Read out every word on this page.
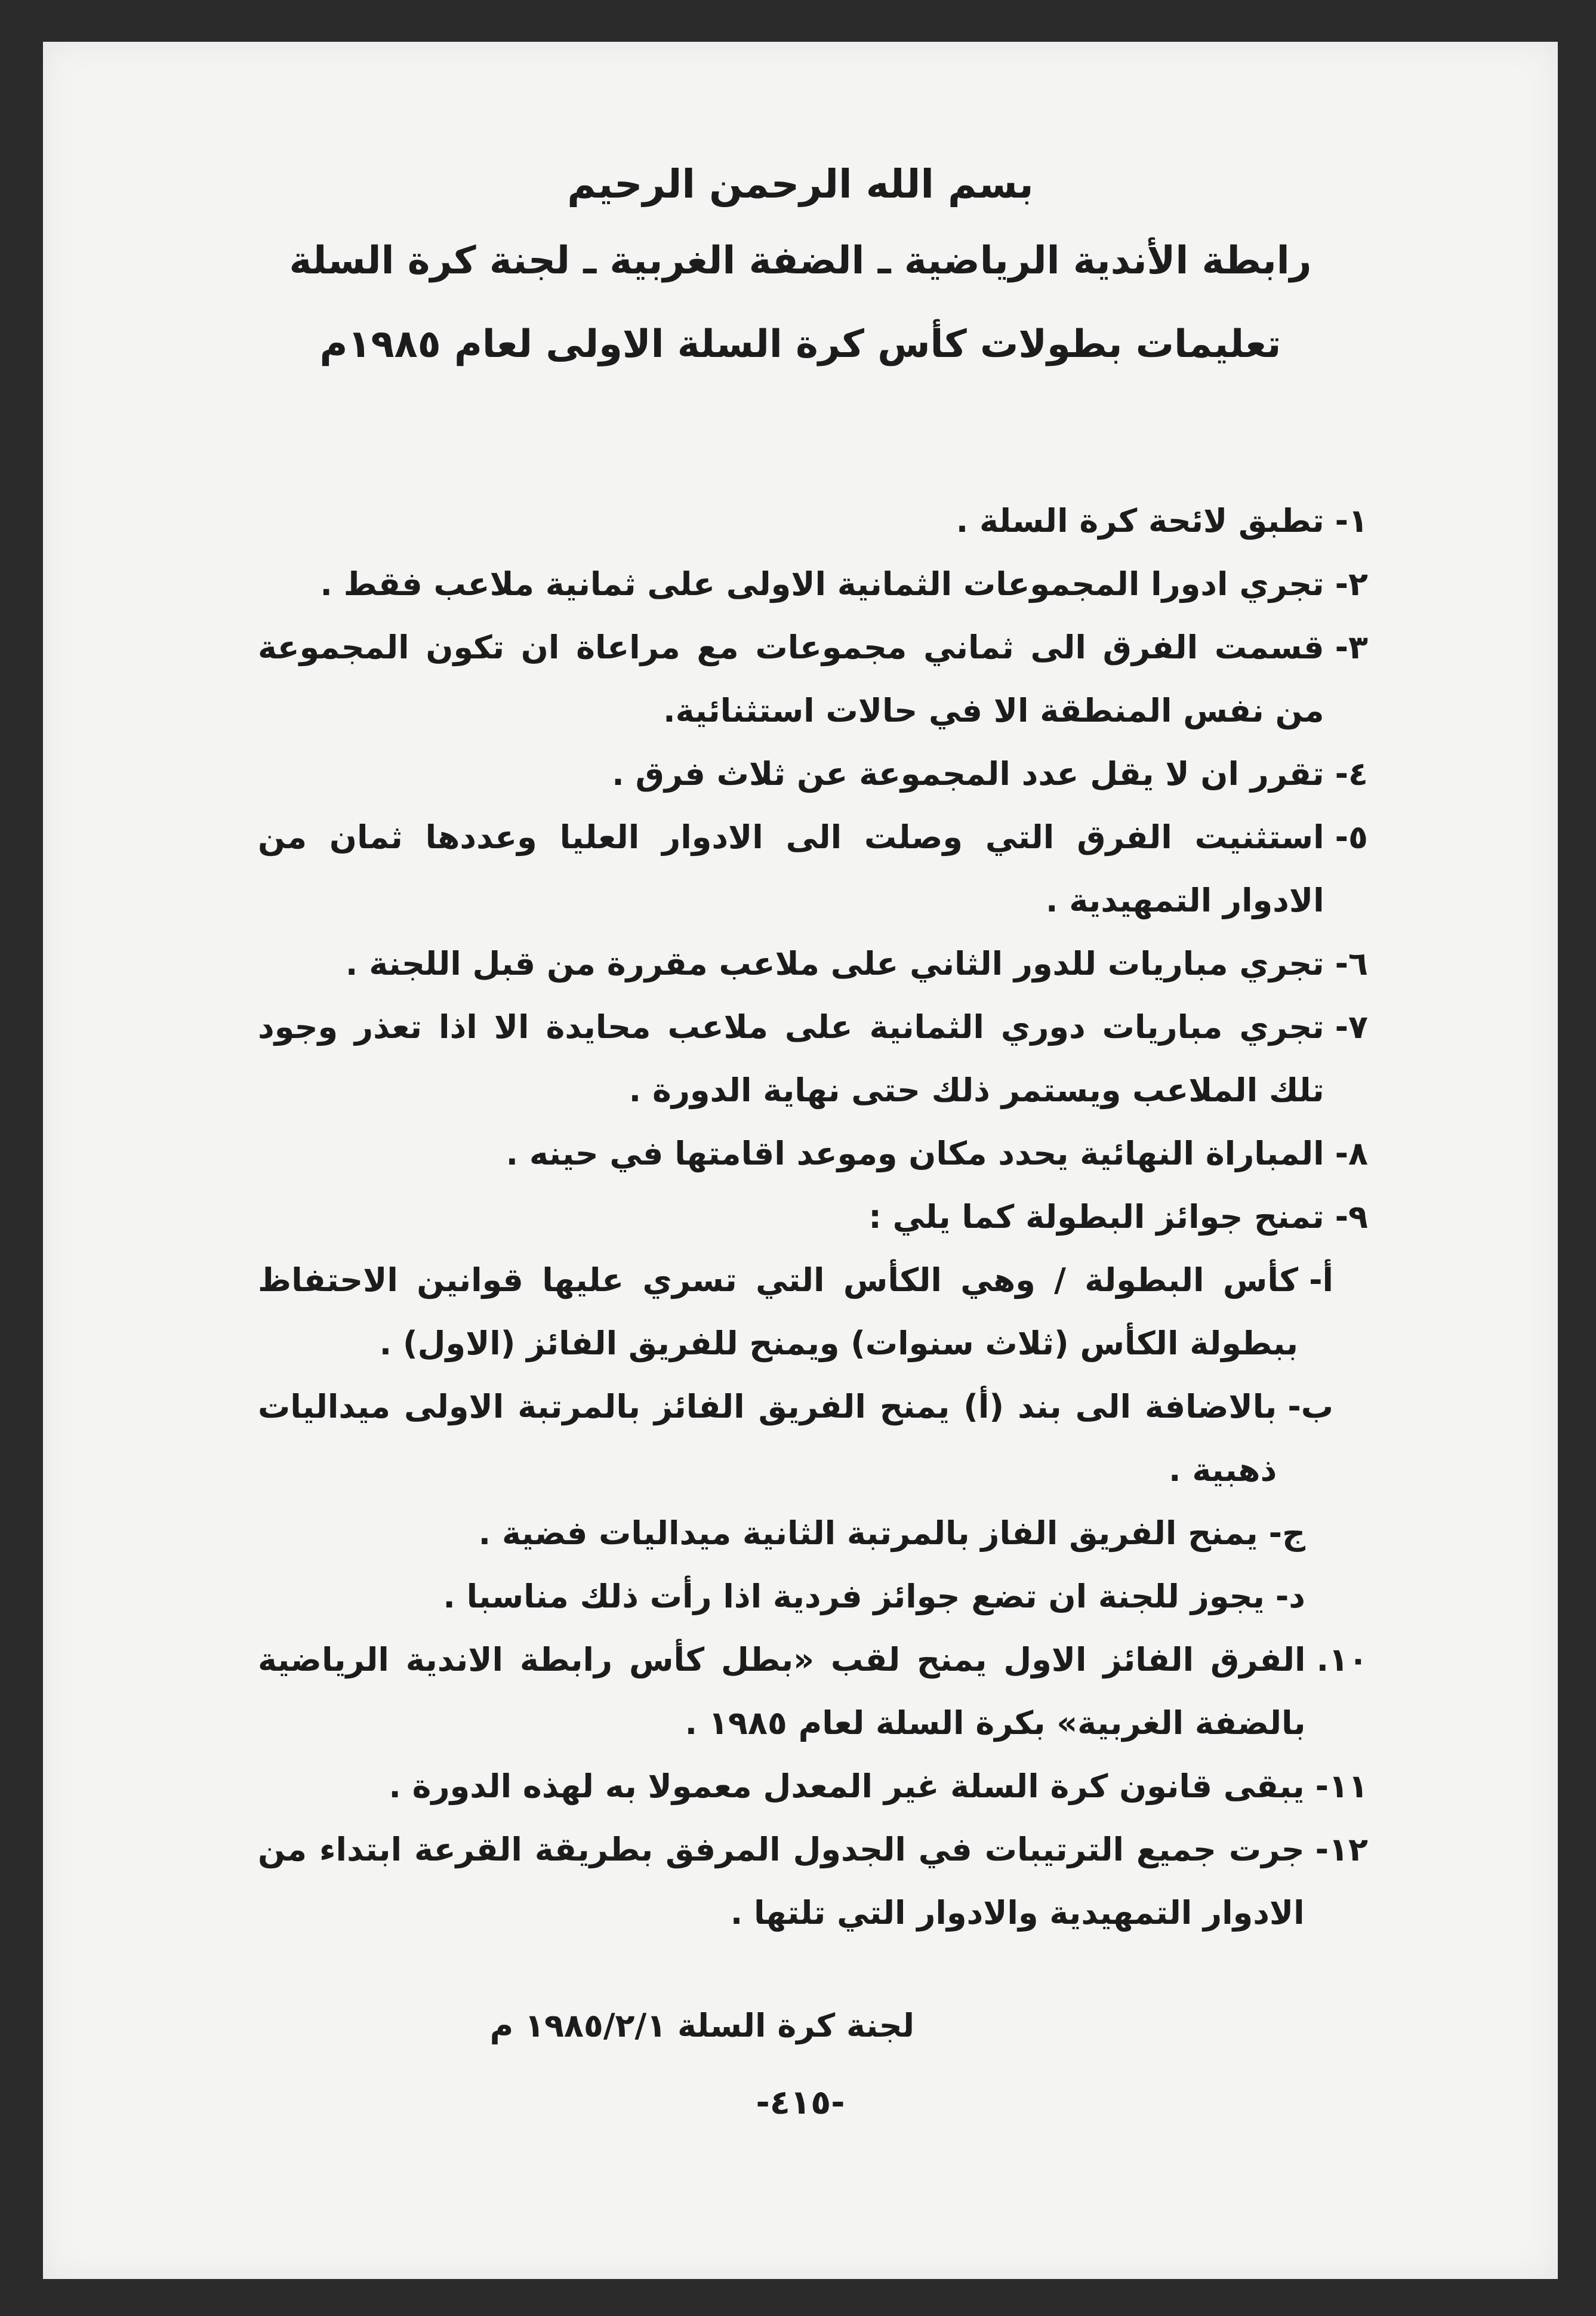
بسم الله الرحمن الرحيم
رابطة الأندية الرياضية ـ الضفة الغربية ـ لجنة كرة السلة
تعليمات بطولات كأس كرة السلة الاولى لعام ١٩٨٥م
١-
تطبق لائحة كرة السلة .
٢-
تجري ادورا المجموعات الثمانية الاولى على ثمانية ملاعب فقط .
٣-
قسمت الفرق الى ثماني مجموعات مع مراعاة ان تكون المجموعة من نفس المنطقة الا في حالات استثنائية.
٤-
تقرر ان لا يقل عدد المجموعة عن ثلاث فرق .
٥-
استثنيت الفرق التي وصلت الى الادوار العليا وعددها ثمان من الادوار التمهيدية .
٦-
تجري مباريات للدور الثاني على ملاعب مقررة من قبل اللجنة .
٧-
تجري مباريات دوري الثمانية على ملاعب محايدة الا اذا تعذر وجود تلك الملاعب ويستمر ذلك حتى نهاية الدورة .
٨-
المباراة النهائية يحدد مكان وموعد اقامتها في حينه .
٩-
تمنح جوائز البطولة كما يلي :
أ-
كأس البطولة / وهي الكأس التي تسري عليها قوانين الاحتفاظ ببطولة الكأس (ثلاث سنوات) ويمنح للفريق الفائز (الاول) .
ب-
بالاضافة الى بند (أ) يمنح الفريق الفائز بالمرتبة الاولى ميداليات ذهبية .
ج-
يمنح الفريق الفاز بالمرتبة الثانية ميداليات فضية .
د-
يجوز للجنة ان تضع جوائز فردية اذا رأت ذلك مناسبا .
١٠.
الفرق الفائز الاول يمنح لقب «بطل كأس رابطة الاندية الرياضية بالضفة الغربية» بكرة السلة لعام ١٩٨٥ .
١١-
يبقى قانون كرة السلة غير المعدل معمولا به لهذه الدورة .
١٢-
جرت جميع الترتيبات في الجدول المرفق بطريقة القرعة ابتداء من الادوار التمهيدية والادوار التي تلتها .
لجنة كرة السلة ١٩٨٥/٢/١ م
-٤١٥-
